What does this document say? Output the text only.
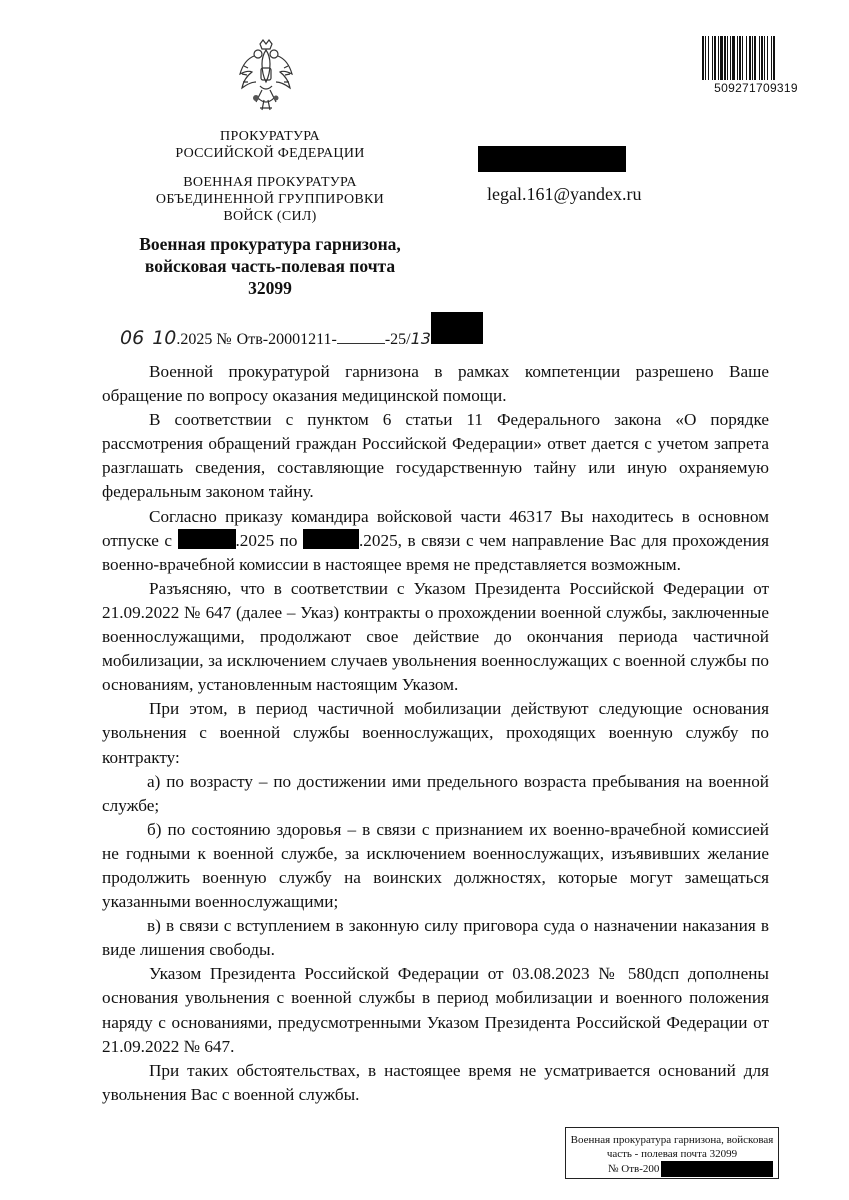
509271709319
ПРОКУРАТУРА
РОССИЙСКОЙ ФЕДЕРАЦИИ
ВОЕННАЯ ПРОКУРАТУРА
ОБЪЕДИНЕННОЙ ГРУППИРОВКИ
ВОЙСК (СИЛ)
Военная прокуратура гарнизона,
войсковая часть-полевая почта
32099
legal.161@yandex.ru
06 10 .2025 № Отв-20001211-	-25/ 13

Военной прокуратурой гарнизона в рамках компетенции разрешено Ваше обращение по вопросу оказания медицинской помощи.

В соответствии с пунктом 6 статьи 11 Федерального закона «О порядке рассмотрения обращений граждан Российской Федерации» ответ дается с учетом запрета разглашать сведения, составляющие государственную тайну или иную охраняемую федеральным законом тайну.

Согласно приказу командира войсковой части 46317 Вы находитесь в основном отпуске с	.2025 по	.2025, в связи с чем направление Вас для прохождения военно-врачебной комиссии в настоящее время не представляется возможным.

Разъясняю, что в соответствии с Указом Президента Российской Федерации от 21.09.2022 № 647 (далее – Указ) контракты о прохождении военной службы, заключенные военнослужащими, продолжают свое действие до окончания периода частичной мобилизации, за исключением случаев увольнения военнослужащих с военной службы по основаниям, установленным настоящим Указом.

При этом, в период частичной мобилизации действуют следующие основания увольнения с военной службы военнослужащих, проходящих военную службу по контракту:

а) по возрасту – по достижении ими предельного возраста пребывания на военной службе;

б) по состоянию здоровья – в связи с признанием их военно-врачебной комиссией не годными к военной службе, за исключением военнослужащих, изъявивших желание продолжить военную службу на воинских должностях, которые могут замещаться указанными военнослужащими;

в) в связи с вступлением в законную силу приговора суда о назначении наказания в виде лишения свободы.

Указом Президента Российской Федерации от 03.08.2023 № 580дсп дополнены основания увольнения с военной службы в период мобилизации и военного положения наряду с основаниями, предусмотренными Указом Президента Российской Федерации от 21.09.2022 № 647.

При таких обстоятельствах, в настоящее время не усматривается оснований для увольнения Вас с военной службы.

Военная прокуратура гарнизона, войсковая
часть - полевая почта 32099
№ Отв-200
